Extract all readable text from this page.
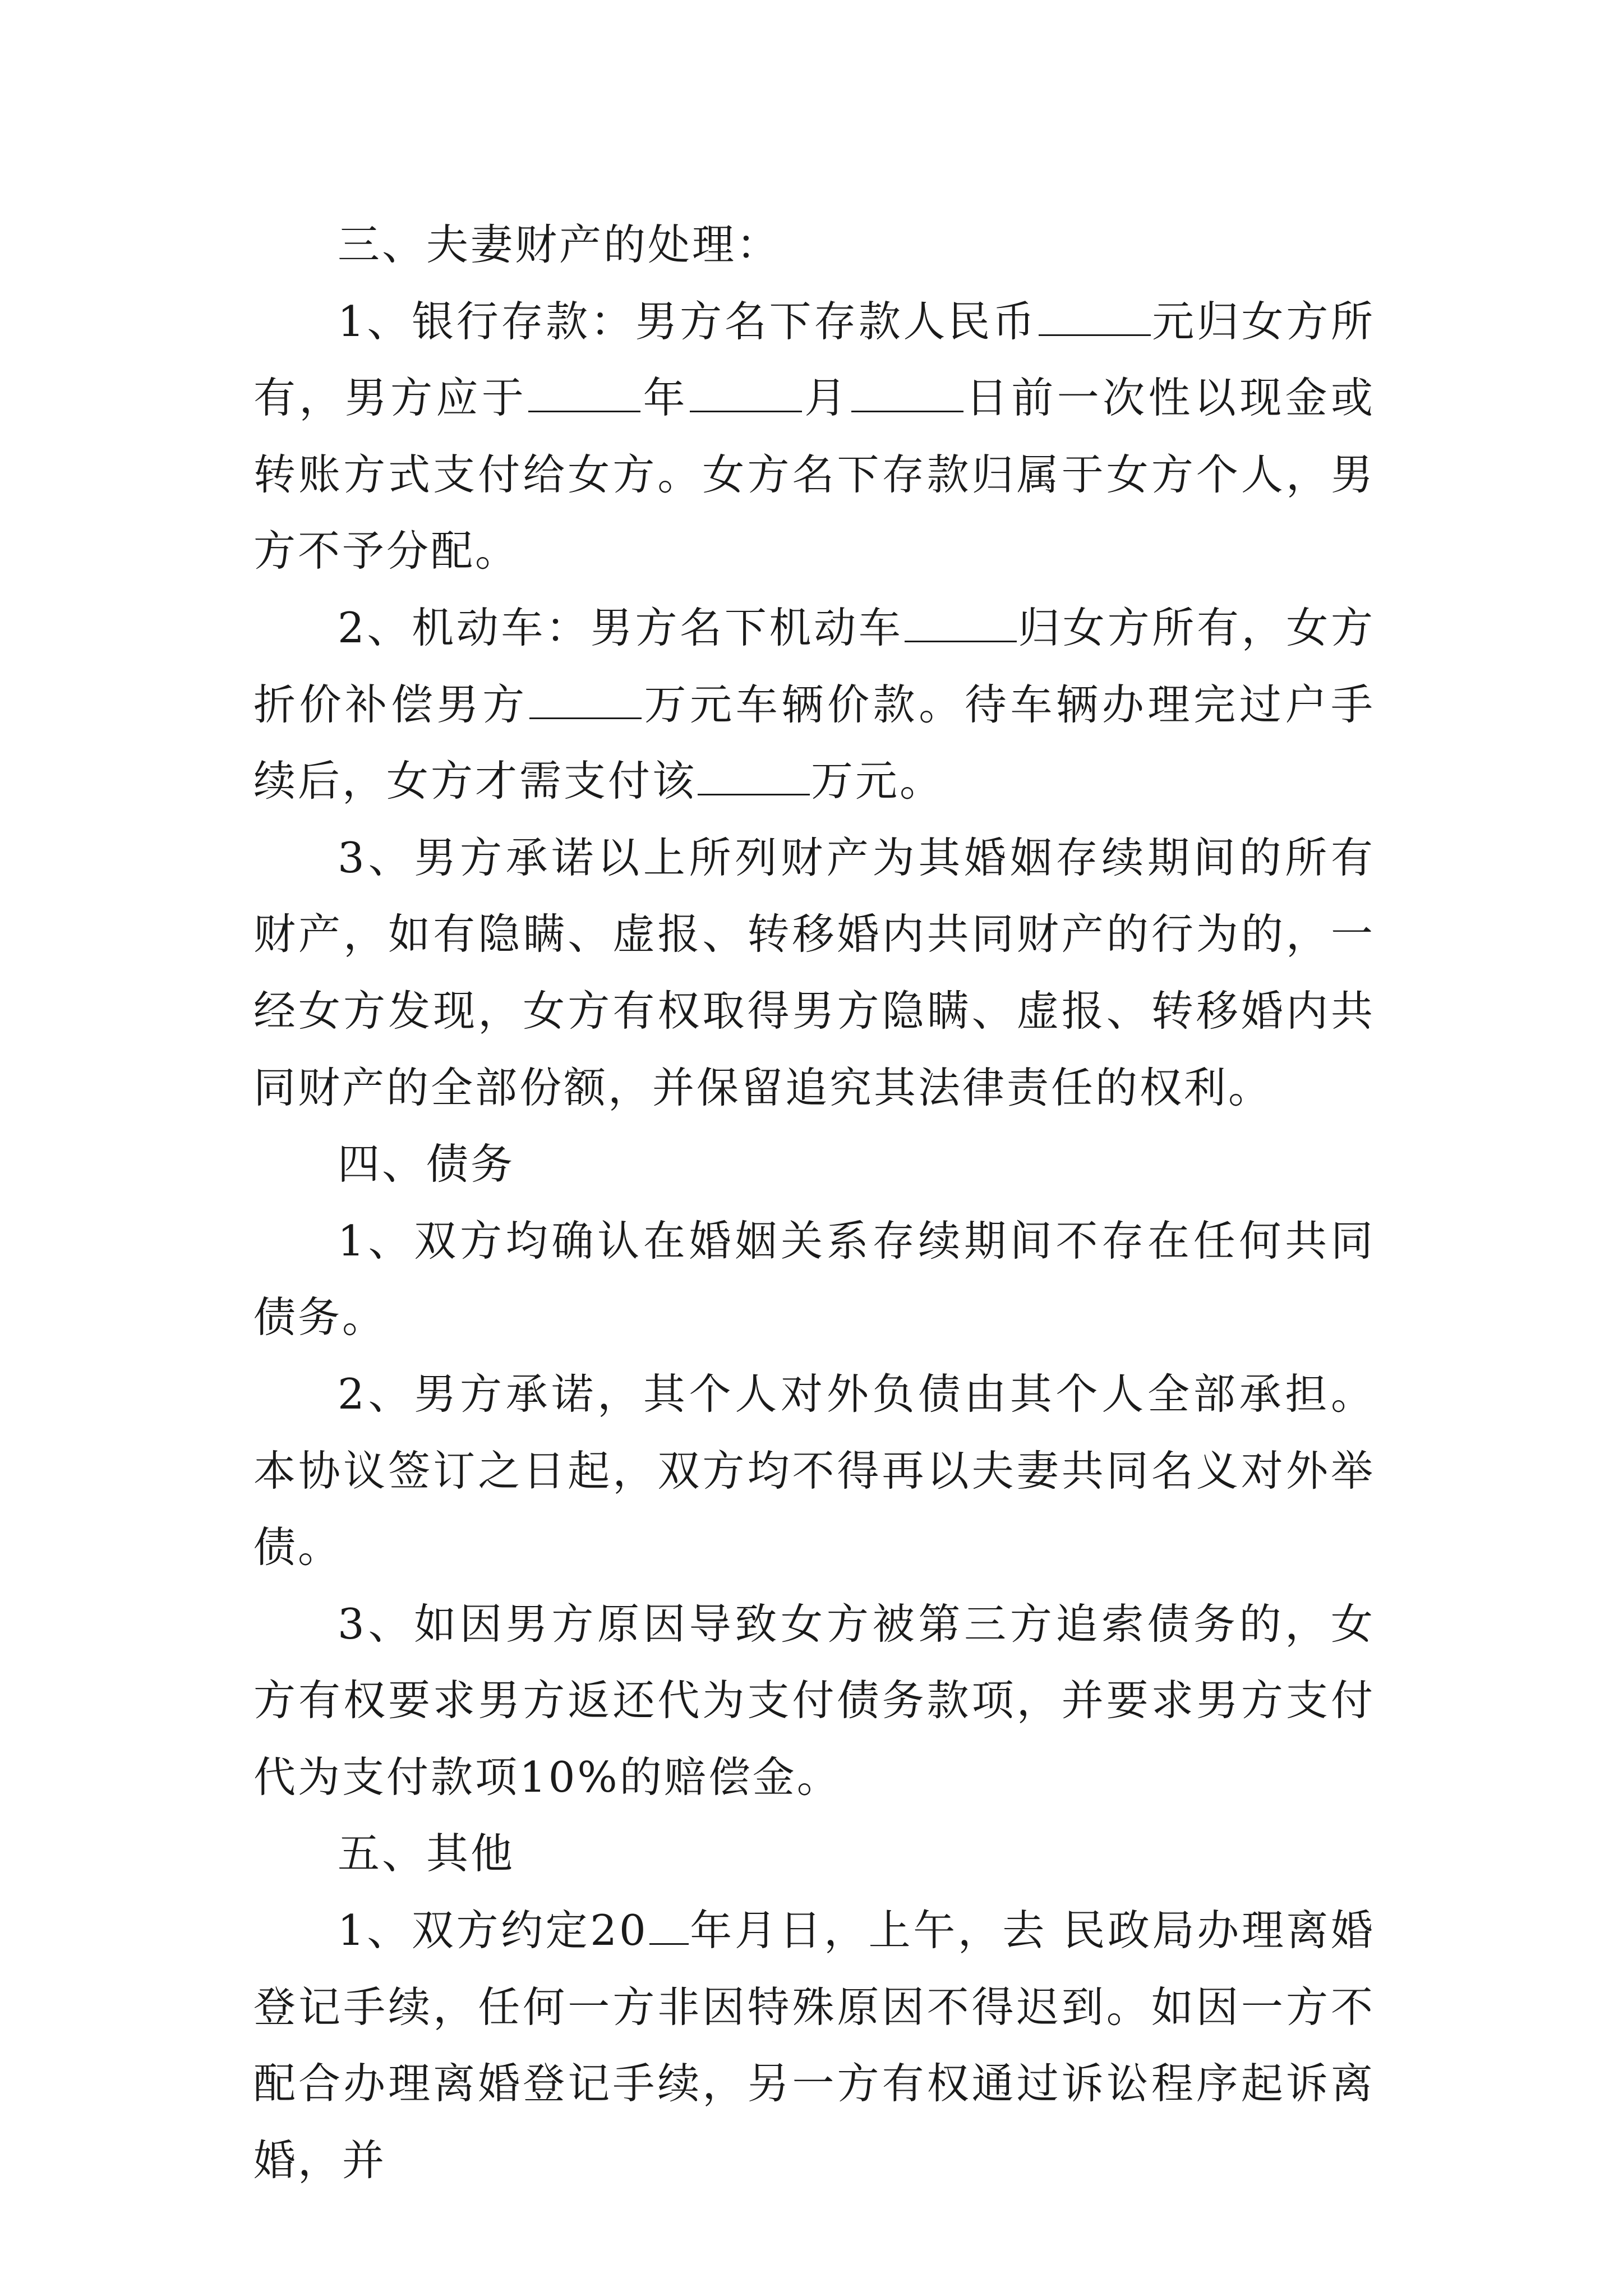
三、夫妻财产的处理：

1、银行存款：男方名下存款人民币	元归女方所有，男方应于	年	月	日前一次性以现金或转账方式支付给女方。女方名下存款归属于女方个人，男方不予分配。

2、机动车：男方名下机动车	归女方所有，女方折价补偿男方	万元车辆价款。待车辆办理完过户手续后，女方才需支付该	万元。

3、男方承诺以上所列财产为其婚姻存续期间的所有财产，如有隐瞒、虚报、转移婚内共同财产的行为的，一经女方发现，女方有权取得男方隐瞒、虚报、转移婚内共同财产的全部份额，并保留追究其法律责任的权利。

四、债务

1、双方均确认在婚姻关系存续期间不存在任何共同债务。

2、男方承诺，其个人对外负债由其个人全部承担。本协议签订之日起，双方均不得再以夫妻共同名义对外举债。

3、如因男方原因导致女方被第三方追索债务的，女方有权要求男方返还代为支付债务款项，并要求男方支付代为支付款项10%的赔偿金。

五、其他

1、双方约定20 年月日，上午，去 民政局办理离婚登记手续，任何一方非因特殊原因不得迟到。如因一方不配合办理离婚登记手续，另一方有权通过诉讼程序起诉离婚，并
